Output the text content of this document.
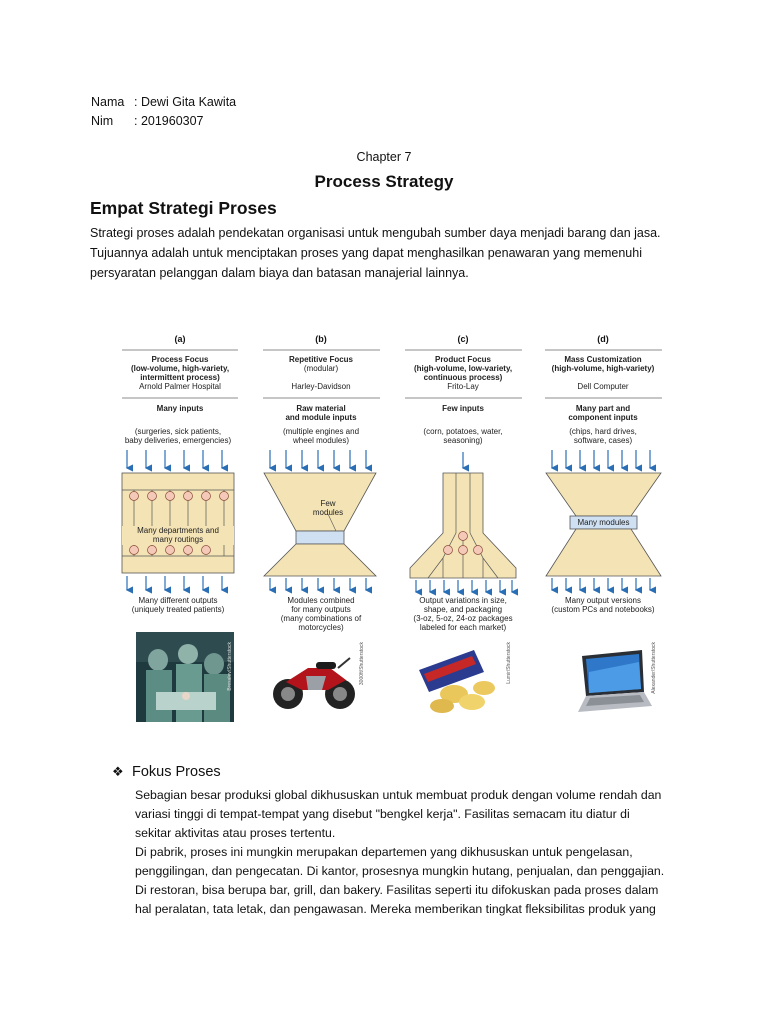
Nama : Dewi Gita Kawita
Nim : 201960307
Chapter 7
Process Strategy
Empat Strategi Proses

Strategi proses adalah pendekatan organisasi untuk mengubah sumber daya menjadi barang dan jasa.

Tujuannya adalah untuk menciptakan proses yang dapat menghasilkan penawaran yang memenuhi

persyaratan pelanggan dalam biaya dan batasan manajerial lainnya.

(a)
Process Focus
(low-volume, high-variety,
intermittent process)
Arnold Palmer Hospital
Many inputs
(surgeries, sick patients,
baby deliveries, emergencies)
Many departments and
many routings
Many different outputs
(uniquely treated patients)
(b)
Repetitive Focus
(modular)
Harley-Davidson
Raw material
and module inputs
(multiple engines and
wheel modules)
Few
modules
Modules combined
for many outputs
(many combinations of
motorcycles)
(c)
Product Focus
(high-volume, low-variety,
continuous process)
Frito-Lay
Few inputs
(corn, potatoes, water,
seasoning)
Output variations in size,
shape, and packaging
(3-oz, 5-oz, 24-oz packages
labeled for each market)
(d)
Mass Customization
(high-volume, high-variety)
Dell Computer
Many part and
component inputs
(chips, hard drives,
software, cases)
Many modules
Many output versions
(custom PCs and notebooks)
Bresalev/Shutterstock	3000ft/Shutterstock	Lumir/Shutterstock	Alexander/Shutterstock
❖ Fokus Proses

Sebagian besar produksi global dikhususkan untuk membuat produk dengan volume rendah dan

variasi tinggi di tempat-tempat yang disebut "bengkel kerja". Fasilitas semacam itu diatur di

sekitar aktivitas atau proses tertentu.

Di pabrik, proses ini mungkin merupakan departemen yang dikhususkan untuk pengelasan,

penggilingan, dan pengecatan. Di kantor, prosesnya mungkin hutang, penjualan, dan penggajian.

Di restoran, bisa berupa bar, grill, dan bakery. Fasilitas seperti itu difokuskan pada proses dalam

hal peralatan, tata letak, dan pengawasan. Mereka memberikan tingkat fleksibilitas produk yang
